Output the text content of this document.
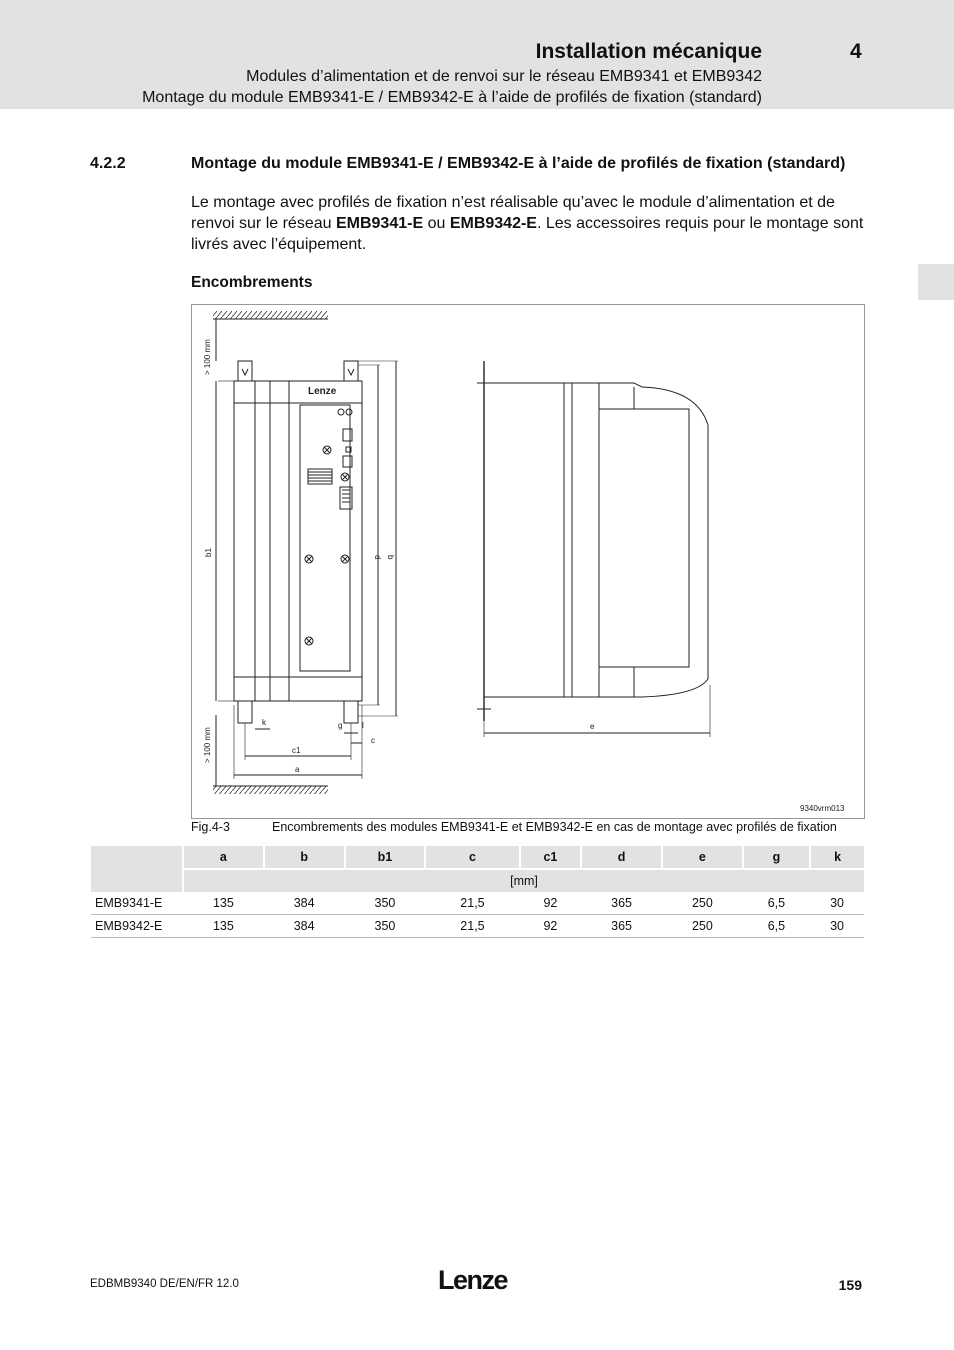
Installation mécanique	4
Modules d’alimentation et de renvoi sur le réseau EMB9341 et EMB9342
Montage du module EMB9341-E / EMB9342-E à l’aide de profilés de fixation (standard)
4.2.2	Montage du module EMB9341-E / EMB9342-E à l’aide de profilés de fixation (standard)
Le montage avec profilés de fixation n’est réalisable qu’avec le module d’alimentation et de renvoi sur le réseau EMB9341-E ou EMB9342-E. Les accessoires requis pour le montage sont livrés avec l’équipement.
Encombrements
> 100 mm
> 100 mm
Lenze
b1
d b
c1
a
k	g
c
l	e
9340vrm013
Fig.4-3	Encombrements des modules EMB9341-E et EMB9342-E en cas de montage avec profilés de fixation
	a	b	b1	c	c1	d	e	g	k
	[mm]								
EMB9341-E	135	384	350	21,5	92	365	250	6,5	30
EMB9342-E	135	384	350	21,5	92	365	250	6,5	30
EDBMB9340 DE/EN/FR 12.0	Lenze	159
